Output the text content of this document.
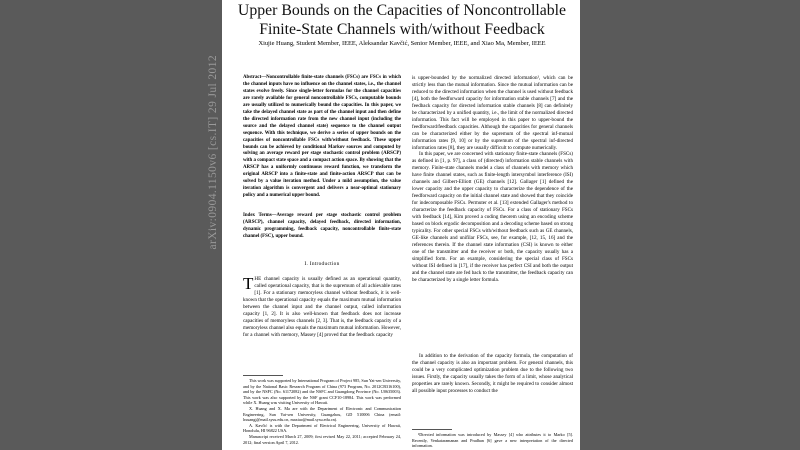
arXiv:0904.1150v6 [cs.IT] 29 Jul 2012
Upper Bounds on the Capacities of Noncontrollable Finite-State Channels with/without Feedback
Xiujie Huang, Student Member, IEEE, Aleksandar Kavčić, Senior Member, IEEE, and Xiao Ma, Member, IEEE
Abstract—Noncontrollable finite-state channels (FSCs) are FSCs in which the channel inputs have no influence on the channel states, i.e., the channel states evolve freely. Since single-letter formulas for the channel capacities are rarely available for general noncontrollable FSCs, computable bounds are usually utilized to numerically bound the capacities. In this paper, we take the delayed channel state as part of the channel input and then define the directed information rate from the new channel input (including the source and the delayed channel state) sequence to the channel output sequence. With this technique, we derive a series of upper bounds on the capacities of noncontrollable FSCs with/without feedback. These upper bounds can be achieved by conditional Markov sources and computed by solving an average reward per stage stochastic control problem (ARSCP) with a compact state space and a compact action space. By showing that the ARSCP has a uniformly continuous reward function, we transform the original ARSCP into a finite-state and finite-action ARSCP that can be solved by a value iteration method. Under a mild assumption, the value iteration algorithm is convergent and delivers a near-optimal stationary policy and a numerical upper bound.
Index Terms—Average reward per stage stochastic control problem (ARSCP), channel capacity, delayed feedback, directed information, dynamic programming, feedback capacity, noncontrollable finite-state channel (FSC), upper bound.
I. Introduction
THE channel capacity is usually defined as an operational quantity, called operational capacity, that is the supremum of all achievable rates [1]. For a stationary memoryless channel without feedback, it is well-known that the operational capacity equals the maximum mutual information between the channel input and the channel output, called information capacity [1, 2]. It is also well-known that feedback does not increase capacities of memoryless channels [2, 3]. That is, the feedback capacity of a memoryless channel also equals the maximum mutual information. However, for a channel with memory, Massey [4] proved that the feedback capacity

This work was supported by International Program of Project 985, Sun Yat-sen University, and by the National Basic Research Program of China (973 Program, No. 2012CB316100), and by the NSFC (No. 61172082) and the NSFC and Guangdong Province (No. U0635003). This work was also supported by the NSF grant CCF10-18984. This work was performed while X. Huang was visiting University of Hawaii.

X. Huang and X. Ma are with the Department of Electronic and Communication Engineering, Sun Yat-sen University, Guangzhou, GD 510006 China (email: hxuangj@mail.sysu.edu.cn, maxiao@mail.sysu.edu.cn).

A. Kavčić is with the Department of Electrical Engineering, University of Hawaii, Honolulu, HI 96822 USA.

Manuscript received March 27, 2009; first revised May 22, 2011; accepted February 24, 2012; final version April 7, 2012.

is upper-bounded by the normalized directed information¹, which can be strictly less than the mutual information. Since the mutual information can be reduced to the directed information when the channel is used without feedback [4], both the feedforward capacity for information stable channels [7] and the feedback capacity for directed information stable channels [8] can definitely be characterized by a unified quantity, i.e., the limit of the normalized directed information. This fact will be employed in this paper to upper-bound the feedforward/feedback capacities. Although the capacities for general channels can be characterized either by the supremum of the spectral inf-mutual information rates [9, 10] or by the supremum of the spectral inf-directed information rates [8], they are usually difficult to compute numerically.

In this paper, we are concerned with stationary finite-state channels (FSCs) as defined in [1, p. 97], a class of (directed) information stable channels with memory. Finite-state channels model a class of channels with memory which have finite channel states, such as finite-length intersymbol interference (ISI) channels and Gilbert-Elliott (GE) channels [12]. Gallager [1] defined the lower capacity and the upper capacity to characterize the dependence of the feedforward capacity on the initial channel state and showed that they coincide for indecomposable FSCs. Permuter et al. [13] extended Gallager's method to characterize the feedback capacity of FSCs. For a class of stationary FSCs with feedback [14], Kim proved a coding theorem using an encoding scheme based on block ergodic decomposition and a decoding scheme based on strong typicality. For other special FSCs with/without feedback such as GE channels, GE-like channels and unifilar FSCs, see, for example, [12, 15, 16] and the references therein. If the channel state information (CSI) is known to either one of the transmitter and the receiver or both, the capacity usually has a simplified form. For an example, considering the special class of FSCs without ISI defined in [17], if the receiver has perfect CSI and both the output and the channel state are fed back to the transmitter, the feedback capacity can be characterized by a single letter formula.

In addition to the derivation of the capacity formula, the computation of the channel capacity is also an important problem. For general channels, this could be a very complicated optimization problem due to the following two issues. Firstly, the capacity usually takes the form of a limit, whose analytical properties are rarely known. Secondly, it might be required to consider almost all possible input processes to conduct the

¹Directed information was introduced by Massey [4] who attributes it to Marko [5]. Recently, Venkataramanan and Pradhan [6] gave a new interpretation of the directed information.
